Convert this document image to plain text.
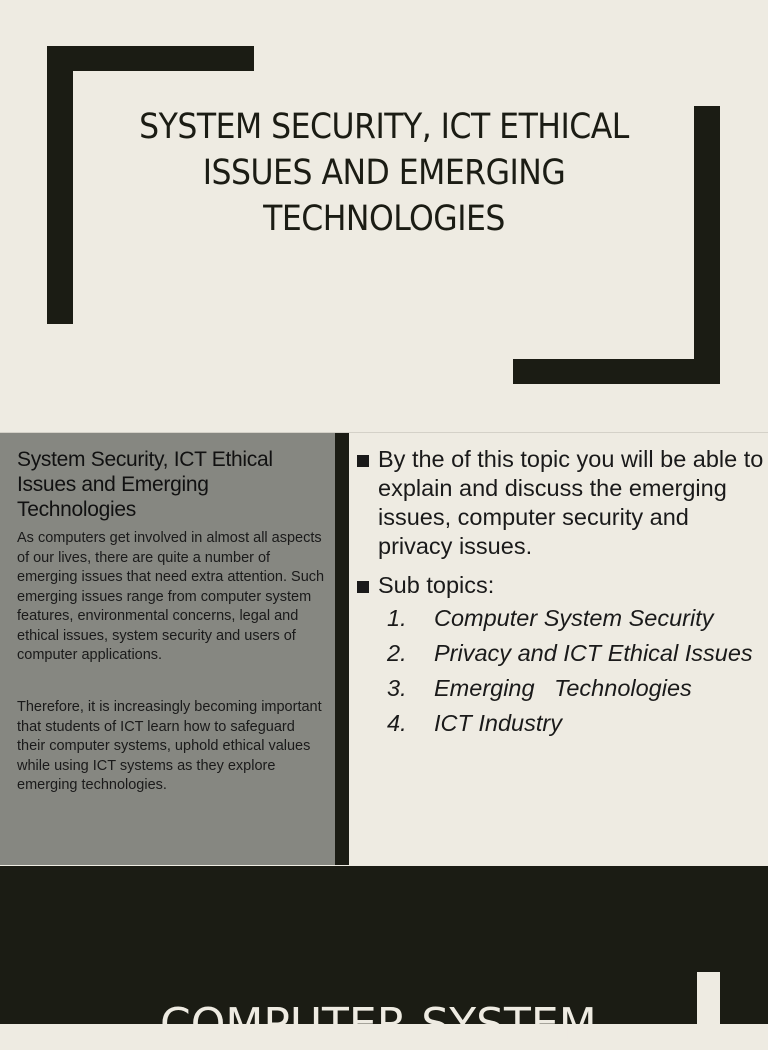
SYSTEM SECURITY, ICT ETHICAL ISSUES AND EMERGING TECHNOLOGIES
System Security, ICT Ethical Issues and Emerging Technologies
As computers get involved in almost all aspects of our lives, there are quite a number of emerging issues that need extra attention. Such emerging issues range from computer system features, environmental concerns, legal and ethical issues, system security and users of computer applications.
Therefore, it is increasingly becoming important that students of ICT learn how to safeguard their computer systems, uphold ethical values while using ICT systems as they explore emerging technologies.
By the of this topic you will be able to explain and discuss the emerging issues, computer security and privacy issues.
Sub topics:
1. Computer System Security
2. Privacy and ICT Ethical Issues
3. Emerging   Technologies
4. ICT Industry
COMPUTER SYSTEM
